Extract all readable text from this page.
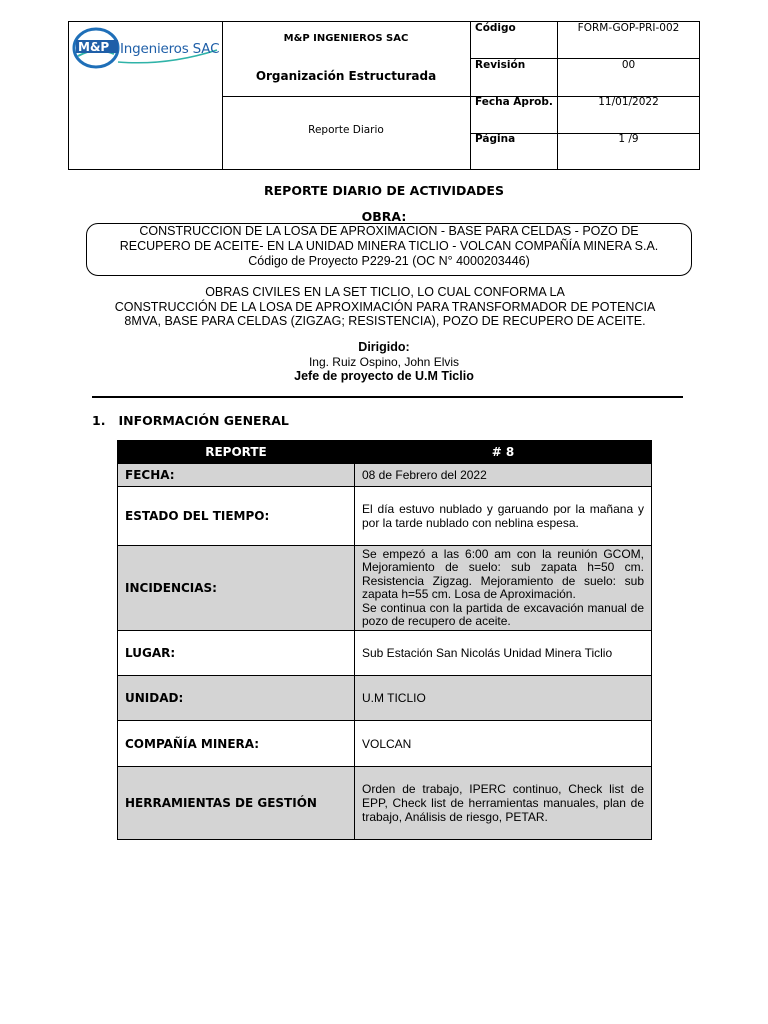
M&P Ingenieros SAC
M&P INGENIEROS SAC
Organización Estructurada
Reporte Diario
Código	FORM-GOP-PRI-002
Revisión	00
Fecha Aprob.	11/01/2022
Página	1 /9
REPORTE DIARIO DE ACTIVIDADES
OBRA:
CONSTRUCCION DE LA LOSA DE APROXIMACION - BASE PARA CELDAS - POZO DE
RECUPERO DE ACEITE- EN LA UNIDAD MINERA TICLIO - VOLCAN COMPAÑÍA MINERA S.A.
Código de Proyecto P229-21 (OC N° 4000203446)
OBRAS CIVILES EN LA SET TICLIO, LO CUAL CONFORMA LA
CONSTRUCCIÓN DE LA LOSA DE APROXIMACIÓN PARA TRANSFORMADOR DE POTENCIA
8MVA, BASE PARA CELDAS (ZIGZAG; RESISTENCIA), POZO DE RECUPERO DE ACEITE.
Dirigido:
Ing. Ruiz Ospino, John Elvis
Jefe de proyecto de U.M Ticlio
1.   INFORMACIÓN GENERAL
REPORTE	# 8
FECHA:	08 de Febrero del 2022
ESTADO DEL TIEMPO:	El día estuvo nublado y garuando por la mañana y por la tarde nublado con neblina espesa.
INCIDENCIAS:	Se empezó a las 6:00 am con la reunión GCOM, Mejoramiento de suelo: sub zapata h=50 cm. Resistencia Zigzag. Mejoramiento de suelo: sub zapata h=55 cm. Losa de Aproximación.
Se continua con la partida de excavación manual de pozo de recupero de aceite.

LUGAR:	Sub Estación San Nicolás Unidad Minera Ticlio
UNIDAD:	U.M TICLIO
COMPAÑÍA MINERA:	VOLCAN
HERRAMIENTAS DE GESTIÓN	Orden de trabajo, IPERC continuo, Check list de EPP, Check list de herramientas manuales, plan de trabajo, Análisis de riesgo, PETAR.
